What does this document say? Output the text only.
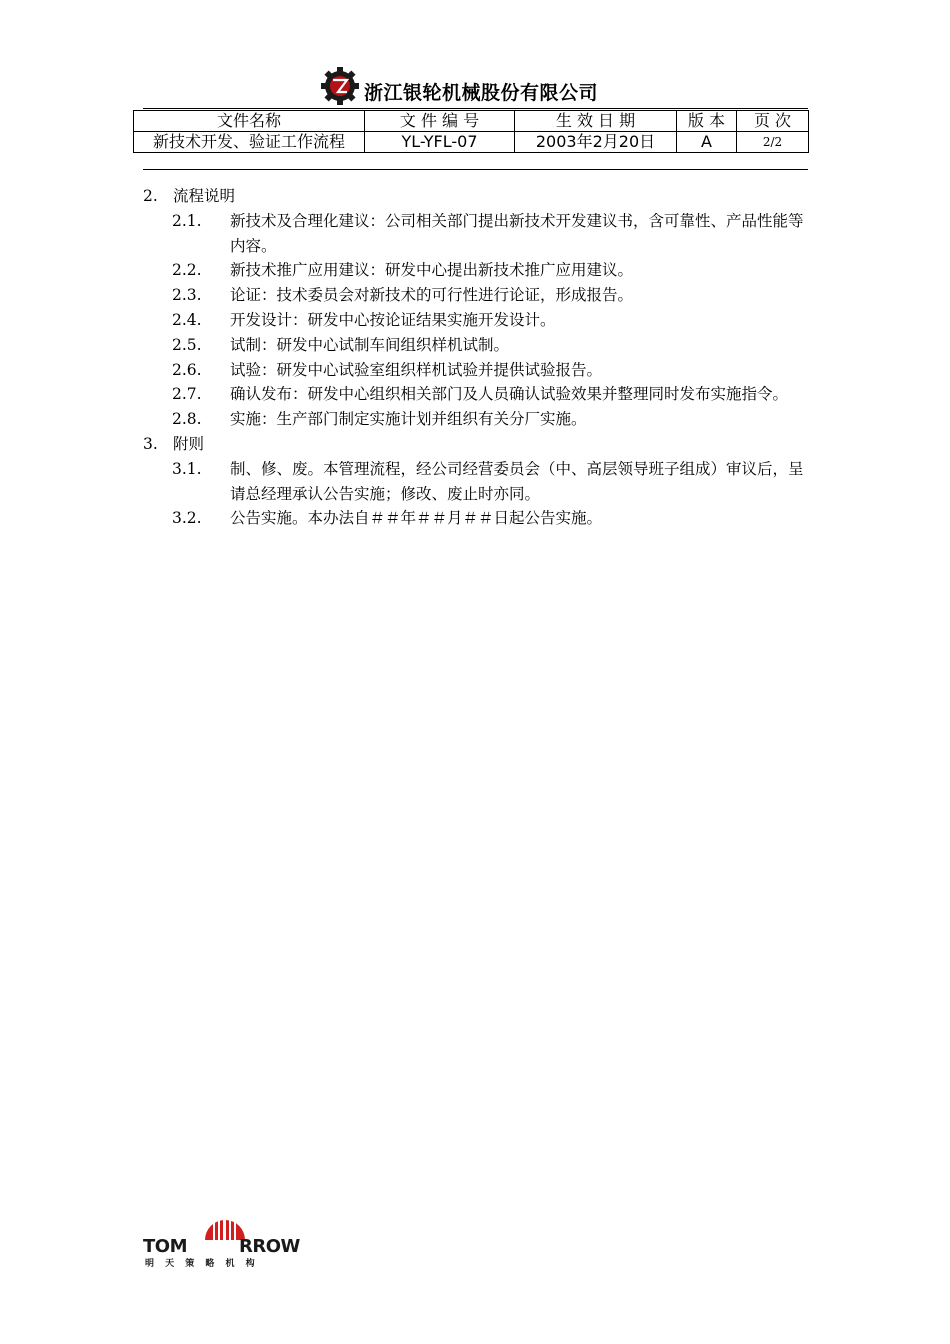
浙江银轮机械股份有限公司
文件名称	文 件 编 号	生 效 日 期	版 本	页 次
新技术开发、验证工作流程	YL-YFL-07	2003年2月20日	A	2/2

2. 流程说明

2.1.	新技术及合理化建议：公司相关部门提出新技术开发建议书，含可靠性、产品性能等内容。
2.2.	新技术推广应用建议：研发中心提出新技术推广应用建议。
2.3.	论证：技术委员会对新技术的可行性进行论证，形成报告。
2.4.	开发设计：研发中心按论证结果实施开发设计。
2.5.	试制：研发中心试制车间组织样机试制。
2.6.	试验：研发中心试验室组织样机试验并提供试验报告。
2.7.	确认发布：研发中心组织相关部门及人员确认试验效果并整理同时发布实施指令。
2.8.	实施：生产部门制定实施计划并组织有关分厂实施。

3. 附则

3.1.	制、修、废。本管理流程，经公司经营委员会（中、高层领导班子组成）审议后，呈请总经理承认公告实施；修改、废止时亦同。
3.2.	公告实施。本办法自＃＃年＃＃月＃＃日起公告实施。
TOM	RROW
明 天 策 略 机 构
